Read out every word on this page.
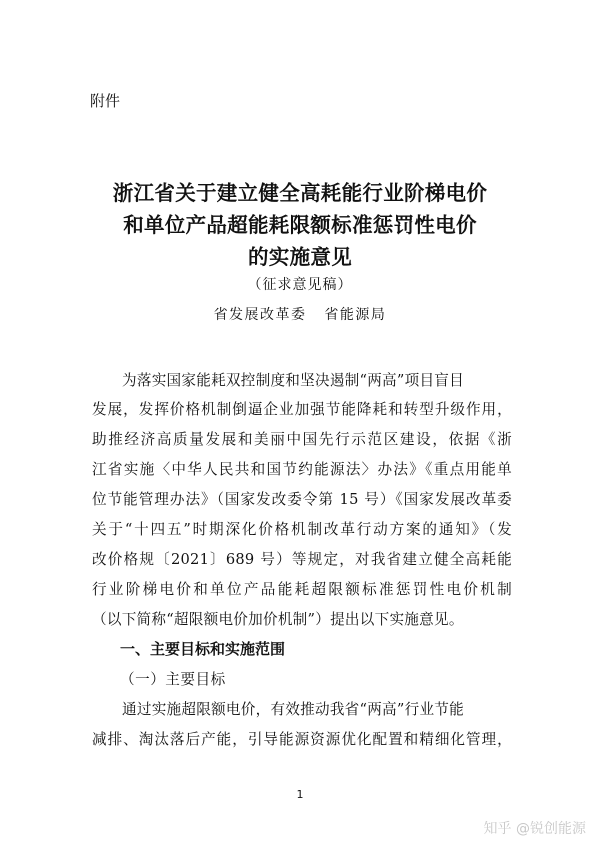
附件
浙江省关于建立健全高耗能行业阶梯电价
和单位产品超能耗限额标准惩罚性电价
的实施意见
（征求意见稿）
省发展改革委   省能源局
为落实国家能耗双控制度和坚决遏制“两高”项目盲目
发展，发挥价格机制倒逼企业加强节能降耗和转型升级作用，
助推经济高质量发展和美丽中国先行示范区建设，依据《浙
江省实施〈中华人民共和国节约能源法〉办法》《重点用能单
位节能管理办法》（国家发改委令第 15 号）《国家发展改革委
关于“十四五”时期深化价格机制改革行动方案的通知》（发
改价格规〔2021〕689 号）等规定，对我省建立健全高耗能
行业阶梯电价和单位产品能耗超限额标准惩罚性电价机制
（以下简称“超限额电价加价机制”）提出以下实施意见。
一、主要目标和实施范围
（一）主要目标
通过实施超限额电价，有效推动我省“两高”行业节能
减排、淘汰落后产能，引导能源资源优化配置和精细化管理，
1
知乎 @锐创能源
